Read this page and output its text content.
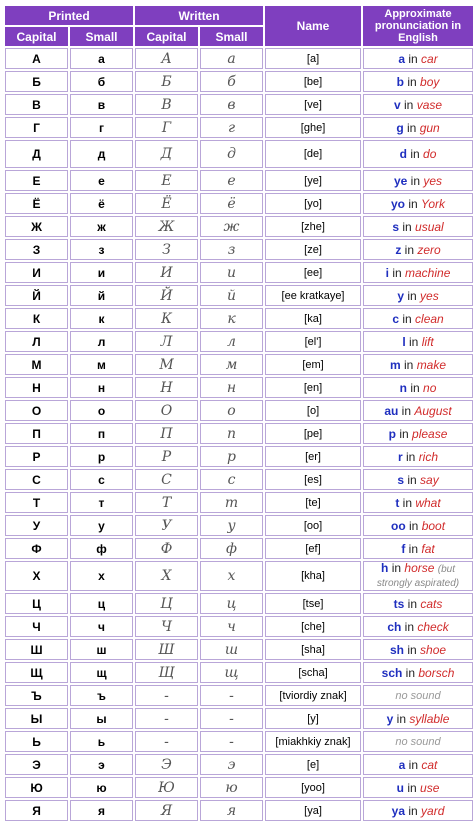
Printed		Written		Name	Approximate pronunciation in English
Capital	Small	Capital	Small		
А	а	А	а	[a]	a in car
Б	б	Б	б	[be]	b in boy
В	в	В	в	[ve]	v in vase
Г	г	Г	г	[ghe]	g in gun
Д	д	Д	д	[de]	d in do
Е	е	Е	е	[ye]	ye in yes
Ё	ё	Ё	ё	[yo]	yo in York
Ж	ж	Ж	ж	[zhe]	s in usual
З	з	З	з	[ze]	z in zero
И	и	И	и	[ee]	i in machine
Й	й	Й	й	[ee kratkaye]	y in yes
К	к	К	к	[ka]	c in clean
Л	л	Л	л	[el']	l in lift
М	м	М	м	[em]	m in make
Н	н	Н	н	[en]	n in no
О	о	О	о	[o]	au in August
П	п	П	п	[pe]	p in please
Р	р	Р	р	[er]	r in rich
С	с	С	с	[es]	s in say
Т	т	Т	т	[te]	t in what
У	у	У	у	[oo]	oo in boot
Ф	ф	Ф	ф	[ef]	f in fat
Х	х	Х	х	[kha]	h in horse (but strongly aspirated)
Ц	ц	Ц	ц	[tse]	ts in cats
Ч	ч	Ч	ч	[che]	ch in check
Ш	ш	Ш	ш	[sha]	sh in shoe
Щ	щ	Щ	щ	[scha]	sch in borsch
Ъ	ъ	-	-	[tviordiy znak]	no sound
Ы	ы	-	-	[y]	y in syllable
Ь	ь	-	-	[miakhkiy znak]	no sound
Э	э	Э	э	[e]	a in cat
Ю	ю	Ю	ю	[yoo]	u in use
Я	я	Я	я	[ya]	ya in yard
